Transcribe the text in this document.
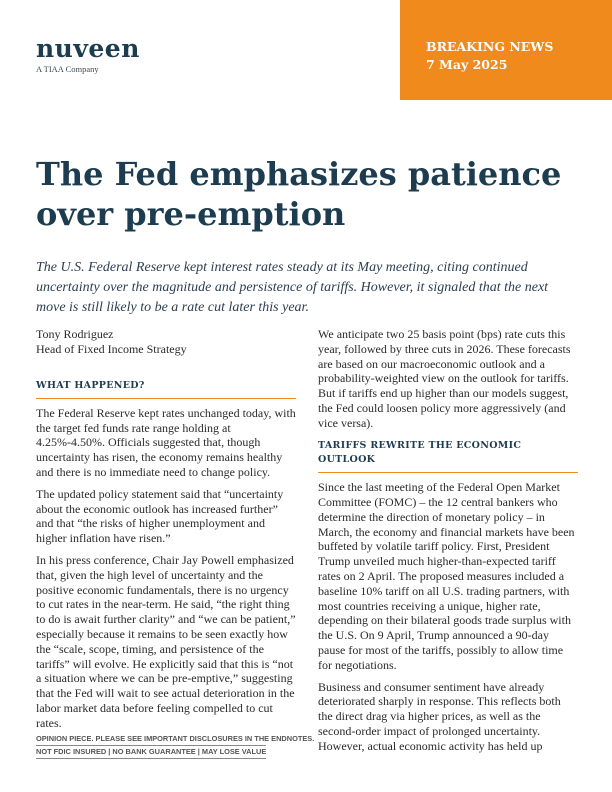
nuveen
A TIAA Company
BREAKING NEWS
7 May 2025
The Fed emphasizes patience over pre-emption

The U.S. Federal Reserve kept interest rates steady at its May meeting, citing continued uncertainty over the magnitude and persistence of tariffs. However, it signaled that the next move is still likely to be a rate cut later this year.

Tony Rodriguez
Head of Fixed Income Strategy
WHAT HAPPENED?

The Federal Reserve kept rates unchanged today, with the target fed funds rate range holding at 4.25%-4.50%. Officials suggested that, though uncertainty has risen, the economy remains healthy and there is no immediate need to change policy.

The updated policy statement said that “uncertainty about the economic outlook has increased further” and that “the risks of higher unemployment and higher inflation have risen.”

In his press conference, Chair Jay Powell emphasized that, given the high level of uncertainty and the positive economic fundamentals, there is no urgency to cut rates in the near-term. He said, “the right thing to do is await further clarity” and “we can be patient,” especially because it remains to be seen exactly how the “scale, scope, timing, and persistence of the tariffs” will evolve. He explicitly said that this is “not a situation where we can be pre-emptive,” suggesting that the Fed will wait to see actual deterioration in the labor market data before feeling compelled to cut rates.

We anticipate two 25 basis point (bps) rate cuts this year, followed by three cuts in 2026. These forecasts are based on our macroeconomic outlook and a probability-weighted view on the outlook for tariffs. But if tariffs end up higher than our models suggest, the Fed could loosen policy more aggressively (and vice versa).

TARIFFS REWRITE THE ECONOMIC OUTLOOK

Since the last meeting of the Federal Open Market Committee (FOMC) – the 12 central bankers who determine the direction of monetary policy – in March, the economy and financial markets have been buffeted by volatile tariff policy. First, President Trump unveiled much higher-than-expected tariff rates on 2 April. The proposed measures included a baseline 10% tariff on all U.S. trading partners, with most countries receiving a unique, higher rate, depending on their bilateral goods trade surplus with the U.S. On 9 April, Trump announced a 90-day pause for most of the tariffs, possibly to allow time for negotiations.

Business and consumer sentiment have already deteriorated sharply in response. This reflects both the direct drag via higher prices, as well as the second-order impact of prolonged uncertainty. However, actual economic activity has held up

OPINION PIECE. PLEASE SEE IMPORTANT DISCLOSURES IN THE ENDNOTES.
NOT FDIC INSURED | NO BANK GUARANTEE | MAY LOSE VALUE
